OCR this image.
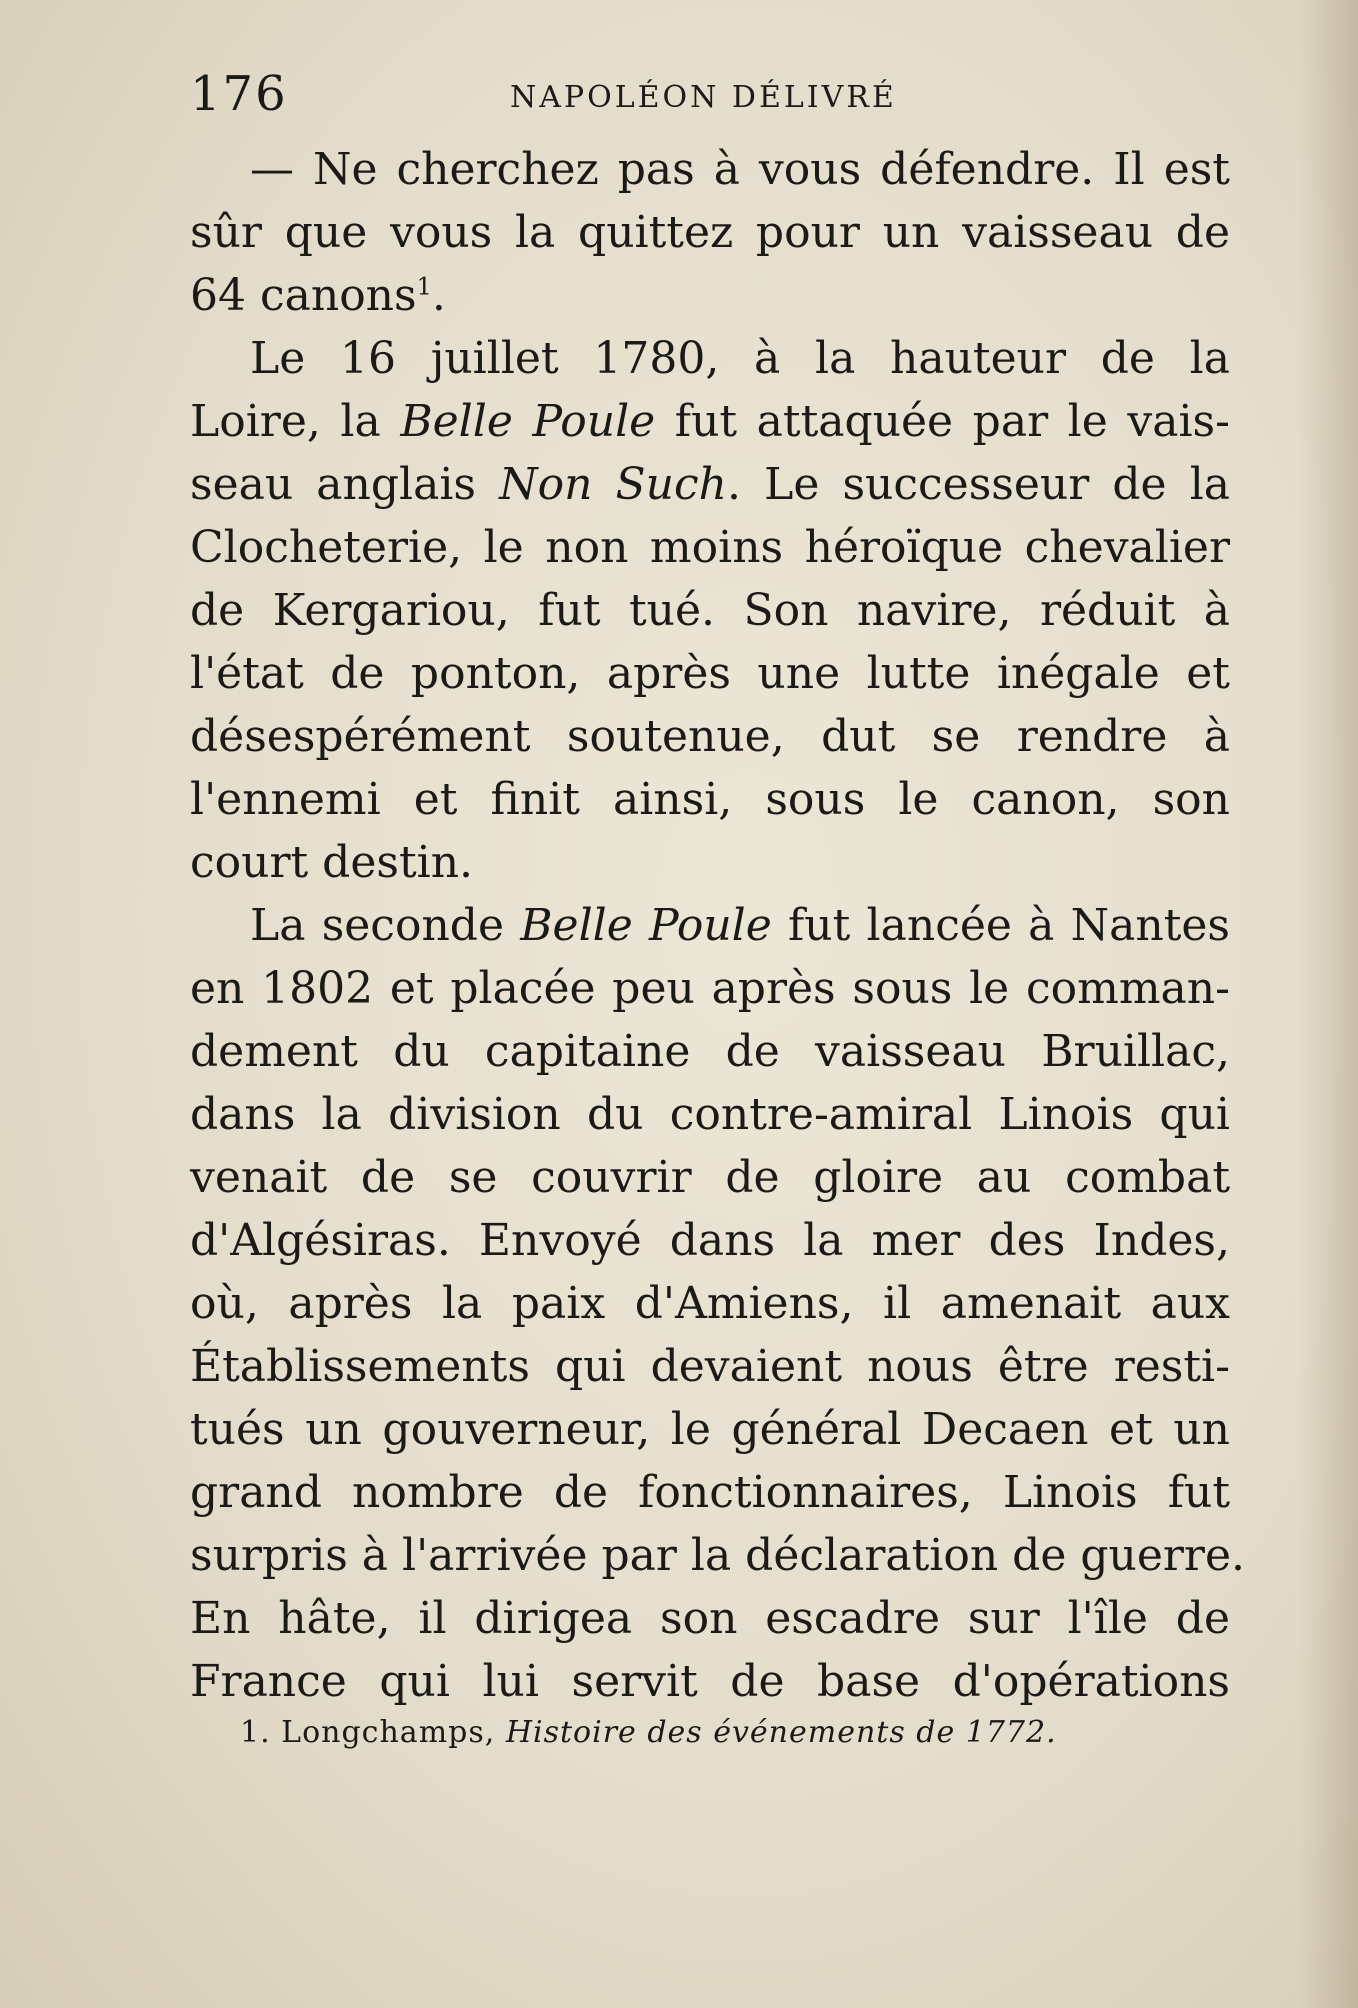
176	NAPOLÉON DÉLIVRÉ
— Ne cherchez pas à vous défendre. Il est
sûr que vous la quittez pour un vaisseau de
64 canons$^1$.
Le 16 juillet 1780, à la hauteur de la
Loire, la Belle Poule fut attaquée par le vais-
seau anglais Non Such. Le successeur de la
Clocheterie, le non moins héroïque chevalier
de Kergariou, fut tué. Son navire, réduit à
l'état de ponton, après une lutte inégale et
désespérément soutenue, dut se rendre à
l'ennemi et finit ainsi, sous le canon, son
court destin.
La seconde Belle Poule fut lancée à Nantes
en 1802 et placée peu après sous le comman-
dement du capitaine de vaisseau Bruillac,
dans la division du contre-amiral Linois qui
venait de se couvrir de gloire au combat
d'Algésiras. Envoyé dans la mer des Indes,
où, après la paix d'Amiens, il amenait aux
Établissements qui devaient nous être resti-
tués un gouverneur, le général Decaen et un
grand nombre de fonctionnaires, Linois fut
surpris à l'arrivée par la déclaration de guerre.
En hâte, il dirigea son escadre sur l'île de
France qui lui servit de base d'opérations
1. Longchamps, Histoire des événements de 1772.
